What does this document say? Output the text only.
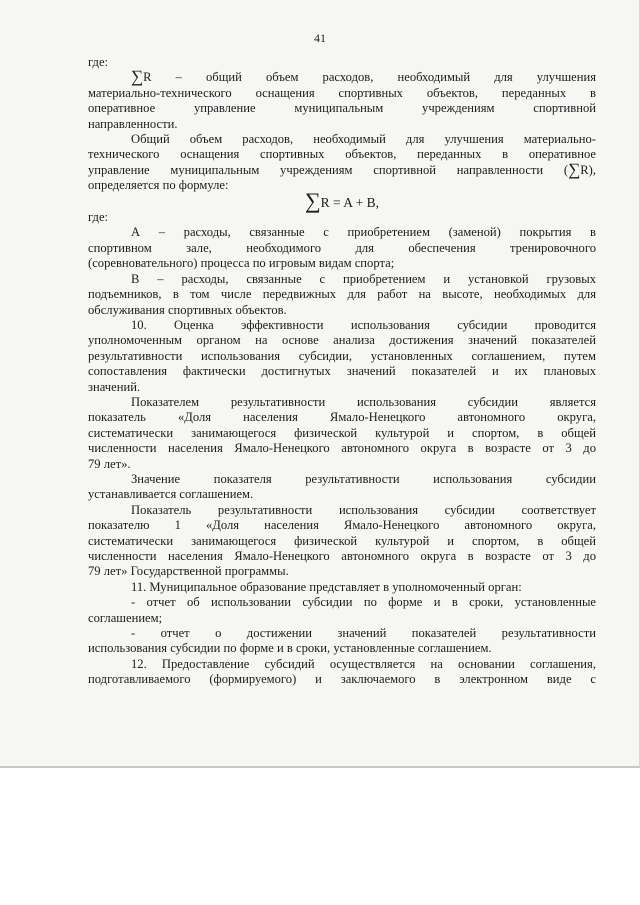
41

где:

∑R – общий объем расходов, необходимый для улучшения

материально-технического оснащения спортивных объектов, переданных в

оперативное управление муниципальным учреждениям спортивной

направленности.

Общий объем расходов, необходимый для улучшения материально-

технического оснащения спортивных объектов, переданных в оперативное

управление муниципальным учреждениям спортивной направленности (∑R),

определяется по формуле:

∑R = A + B,

где:

А – расходы, связанные с приобретением (заменой) покрытия в

спортивном зале, необходимого для обеспечения тренировочного

(соревновательного) процесса по игровым видам спорта;

В – расходы, связанные с приобретением и установкой грузовых

подъемников, в том числе передвижных для работ на высоте, необходимых для

обслуживания спортивных объектов.

10. Оценка эффективности использования субсидии проводится

уполномоченным органом на основе анализа достижения значений показателей

результативности использования субсидии, установленных соглашением, путем

сопоставления фактически достигнутых значений показателей и их плановых

значений.

Показателем результативности использования субсидии является

показатель «Доля населения Ямало-Ненецкого автономного округа,

систематически занимающегося физической культурой и спортом, в общей

численности населения Ямало-Ненецкого автономного округа в возрасте от 3 до

79 лет».

Значение показателя результативности использования субсидии

устанавливается соглашением.

Показатель результативности использования субсидии соответствует

показателю 1 «Доля населения Ямало-Ненецкого автономного округа,

систематически занимающегося физической культурой и спортом, в общей

численности населения Ямало-Ненецкого автономного округа в возрасте от 3 до

79 лет» Государственной программы.

11. Муниципальное образование представляет в уполномоченный орган:

- отчет об использовании субсидии по форме и в сроки, установленные

соглашением;

- отчет о достижении значений показателей результативности

использования субсидии по форме и в сроки, установленные соглашением.

12. Предоставление субсидий осуществляется на основании соглашения,

подготавливаемого (формируемого) и заключаемого в электронном виде с
